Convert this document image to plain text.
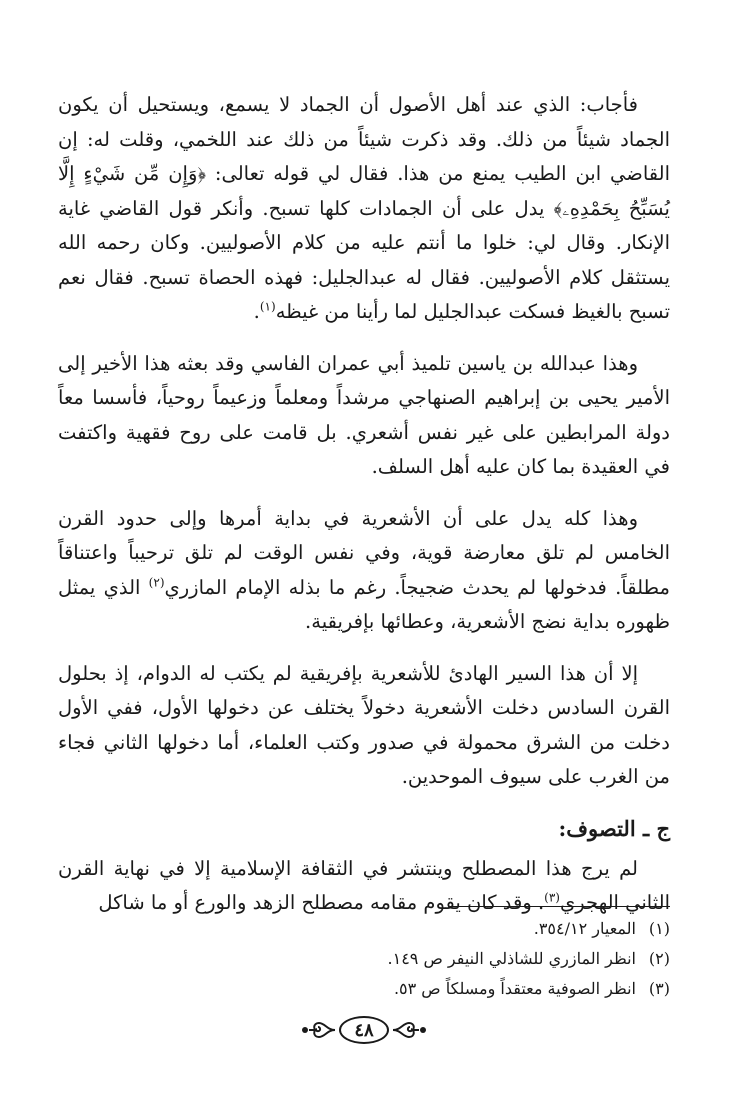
فأجاب: الذي عند أهل الأصول أن الجماد لا يسمع، ويستحيل أن يكون الجماد شيئاً من ذلك. وقد ذكرت شيئاً من ذلك عند اللخمي، وقلت له: إن القاضي ابن الطيب يمنع من هذا. فقال لي قوله تعالى: ﴿وَإِن مِّن شَيْءٍ إِلَّا يُسَبِّحُ بِحَمْدِهِۦ﴾ يدل على أن الجمادات كلها تسبح. وأنكر قول القاضي غاية الإنكار. وقال لي: خلوا ما أنتم عليه من كلام الأصوليين. وكان رحمه الله يستثقل كلام الأصوليين. فقال له عبدالجليل: فهذه الحصاة تسبح. فقال نعم تسبح بالغيظ فسكت عبدالجليل لما رأينا من غيظه$^{(١)}$.

وهذا عبدالله بن ياسين تلميذ أبي عمران الفاسي وقد بعثه هذا الأخير إلى الأمير يحيى بن إبراهيم الصنهاجي مرشداً ومعلماً وزعيماً روحياً، فأسسا معاً دولة المرابطين على غير نفس أشعري. بل قامت على روح فقهية واكتفت في العقيدة بما كان عليه أهل السلف.

وهذا كله يدل على أن الأشعرية في بداية أمرها وإلى حدود القرن الخامس لم تلق معارضة قوية، وفي نفس الوقت لم تلق ترحيباً واعتناقاً مطلقاً. فدخولها لم يحدث ضجيجاً. رغم ما بذله الإمام المازري$^{(٢)}$ الذي يمثل ظهوره بداية نضج الأشعرية، وعطائها بإفريقية.

إلا أن هذا السير الهادئ للأشعرية بإفريقية لم يكتب له الدوام، إذ بحلول القرن السادس دخلت الأشعرية دخولاً يختلف عن دخولها الأول، ففي الأول دخلت من الشرق محمولة في صدور وكتب العلماء، أما دخولها الثاني فجاء من الغرب على سيوف الموحدين.

ج ـ التصوف:

لم يرج هذا المصطلح وينتشر في الثقافة الإسلامية إلا في نهاية القرن الثاني الهجري$^{(٣)}$. وقد كان يقوم مقامه مصطلح الزهد والورع أو ما شاكل

(١)
المعيار ٣٥٤/١٢.
(٢)
انظر المازري للشاذلي النيفر ص ١٤٩.
(٣)
انظر الصوفية معتقداً ومسلكاً ص ٥٣.
٤٨
